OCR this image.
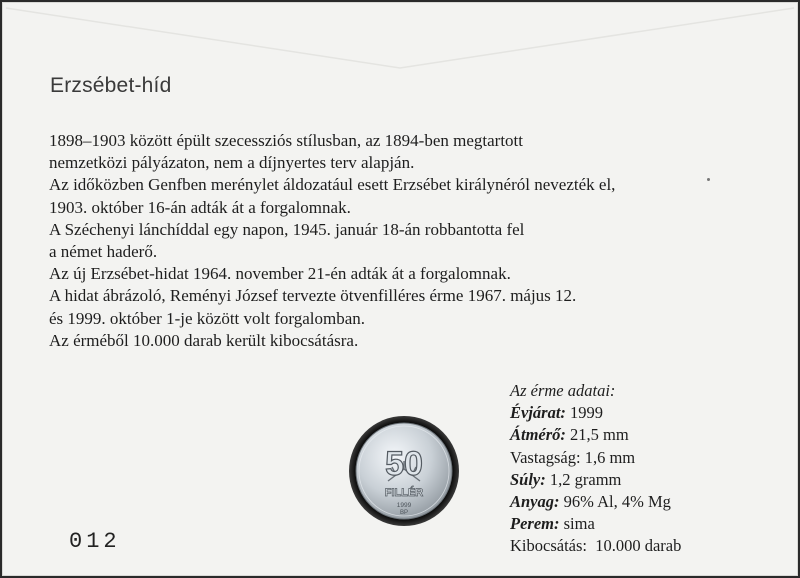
Erzsébet-híd
1898–1903 között épült szecessziós stílusban, az 1894-ben megtartott
nemzetközi pályázaton, nem a díjnyertes terv alapján.
Az időközben Genfben merénylet áldozatául esett Erzsébet királynéról nevezték el,
1903. október 16-án adták át a forgalomnak.
A Széchenyi lánchíddal egy napon, 1945. január 18-án robbantotta fel
a német haderő.
Az új Erzsébet-hidat 1964. november 21-én adták át a forgalomnak.
A hidat ábrázoló, Reményi József tervezte ötvenfilléres érme 1967. május 12.
és 1999. október 1-je között volt forgalomban.
Az érméből 10.000 darab került kibocsátásra.
50
FILLÉR
1999
BP
012
Az érme adatai:
Évjárat: 1999
Átmérő: 21,5 mm
Vastagság: 1,6 mm
Súly: 1,2 gramm
Anyag: 96% Al, 4% Mg
Perem: sima
Kibocsátás:  10.000 darab
